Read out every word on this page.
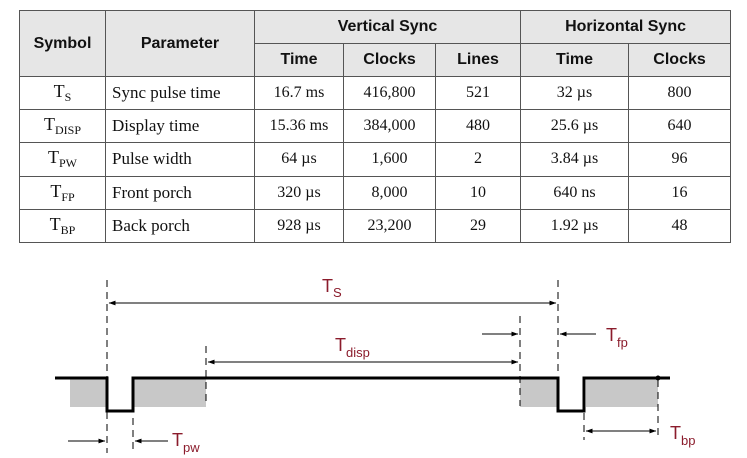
Symbol	Parameter	Vertical Sync			Horizontal Sync	
		Time	Clocks	Lines	Time	Clocks
$T_S$	Sync pulse time	16.7 ms	416,800	521	32 µs	800
$T_{DISP}$	Display time	15.36 ms	384,000	480	25.6 µs	640
$T_{PW}$	Pulse width	64 µs	1,600	2	3.84 µs	96
$T_{FP}$	Front porch	320 µs	8,000	10	640 ns	16
$T_{BP}$	Back porch	928 µs	23,200	29	1.92 µs	48
$T_S$
$T_{disp}$
$T_{fp}$
$T_{pw}$
$T_{bp}$
